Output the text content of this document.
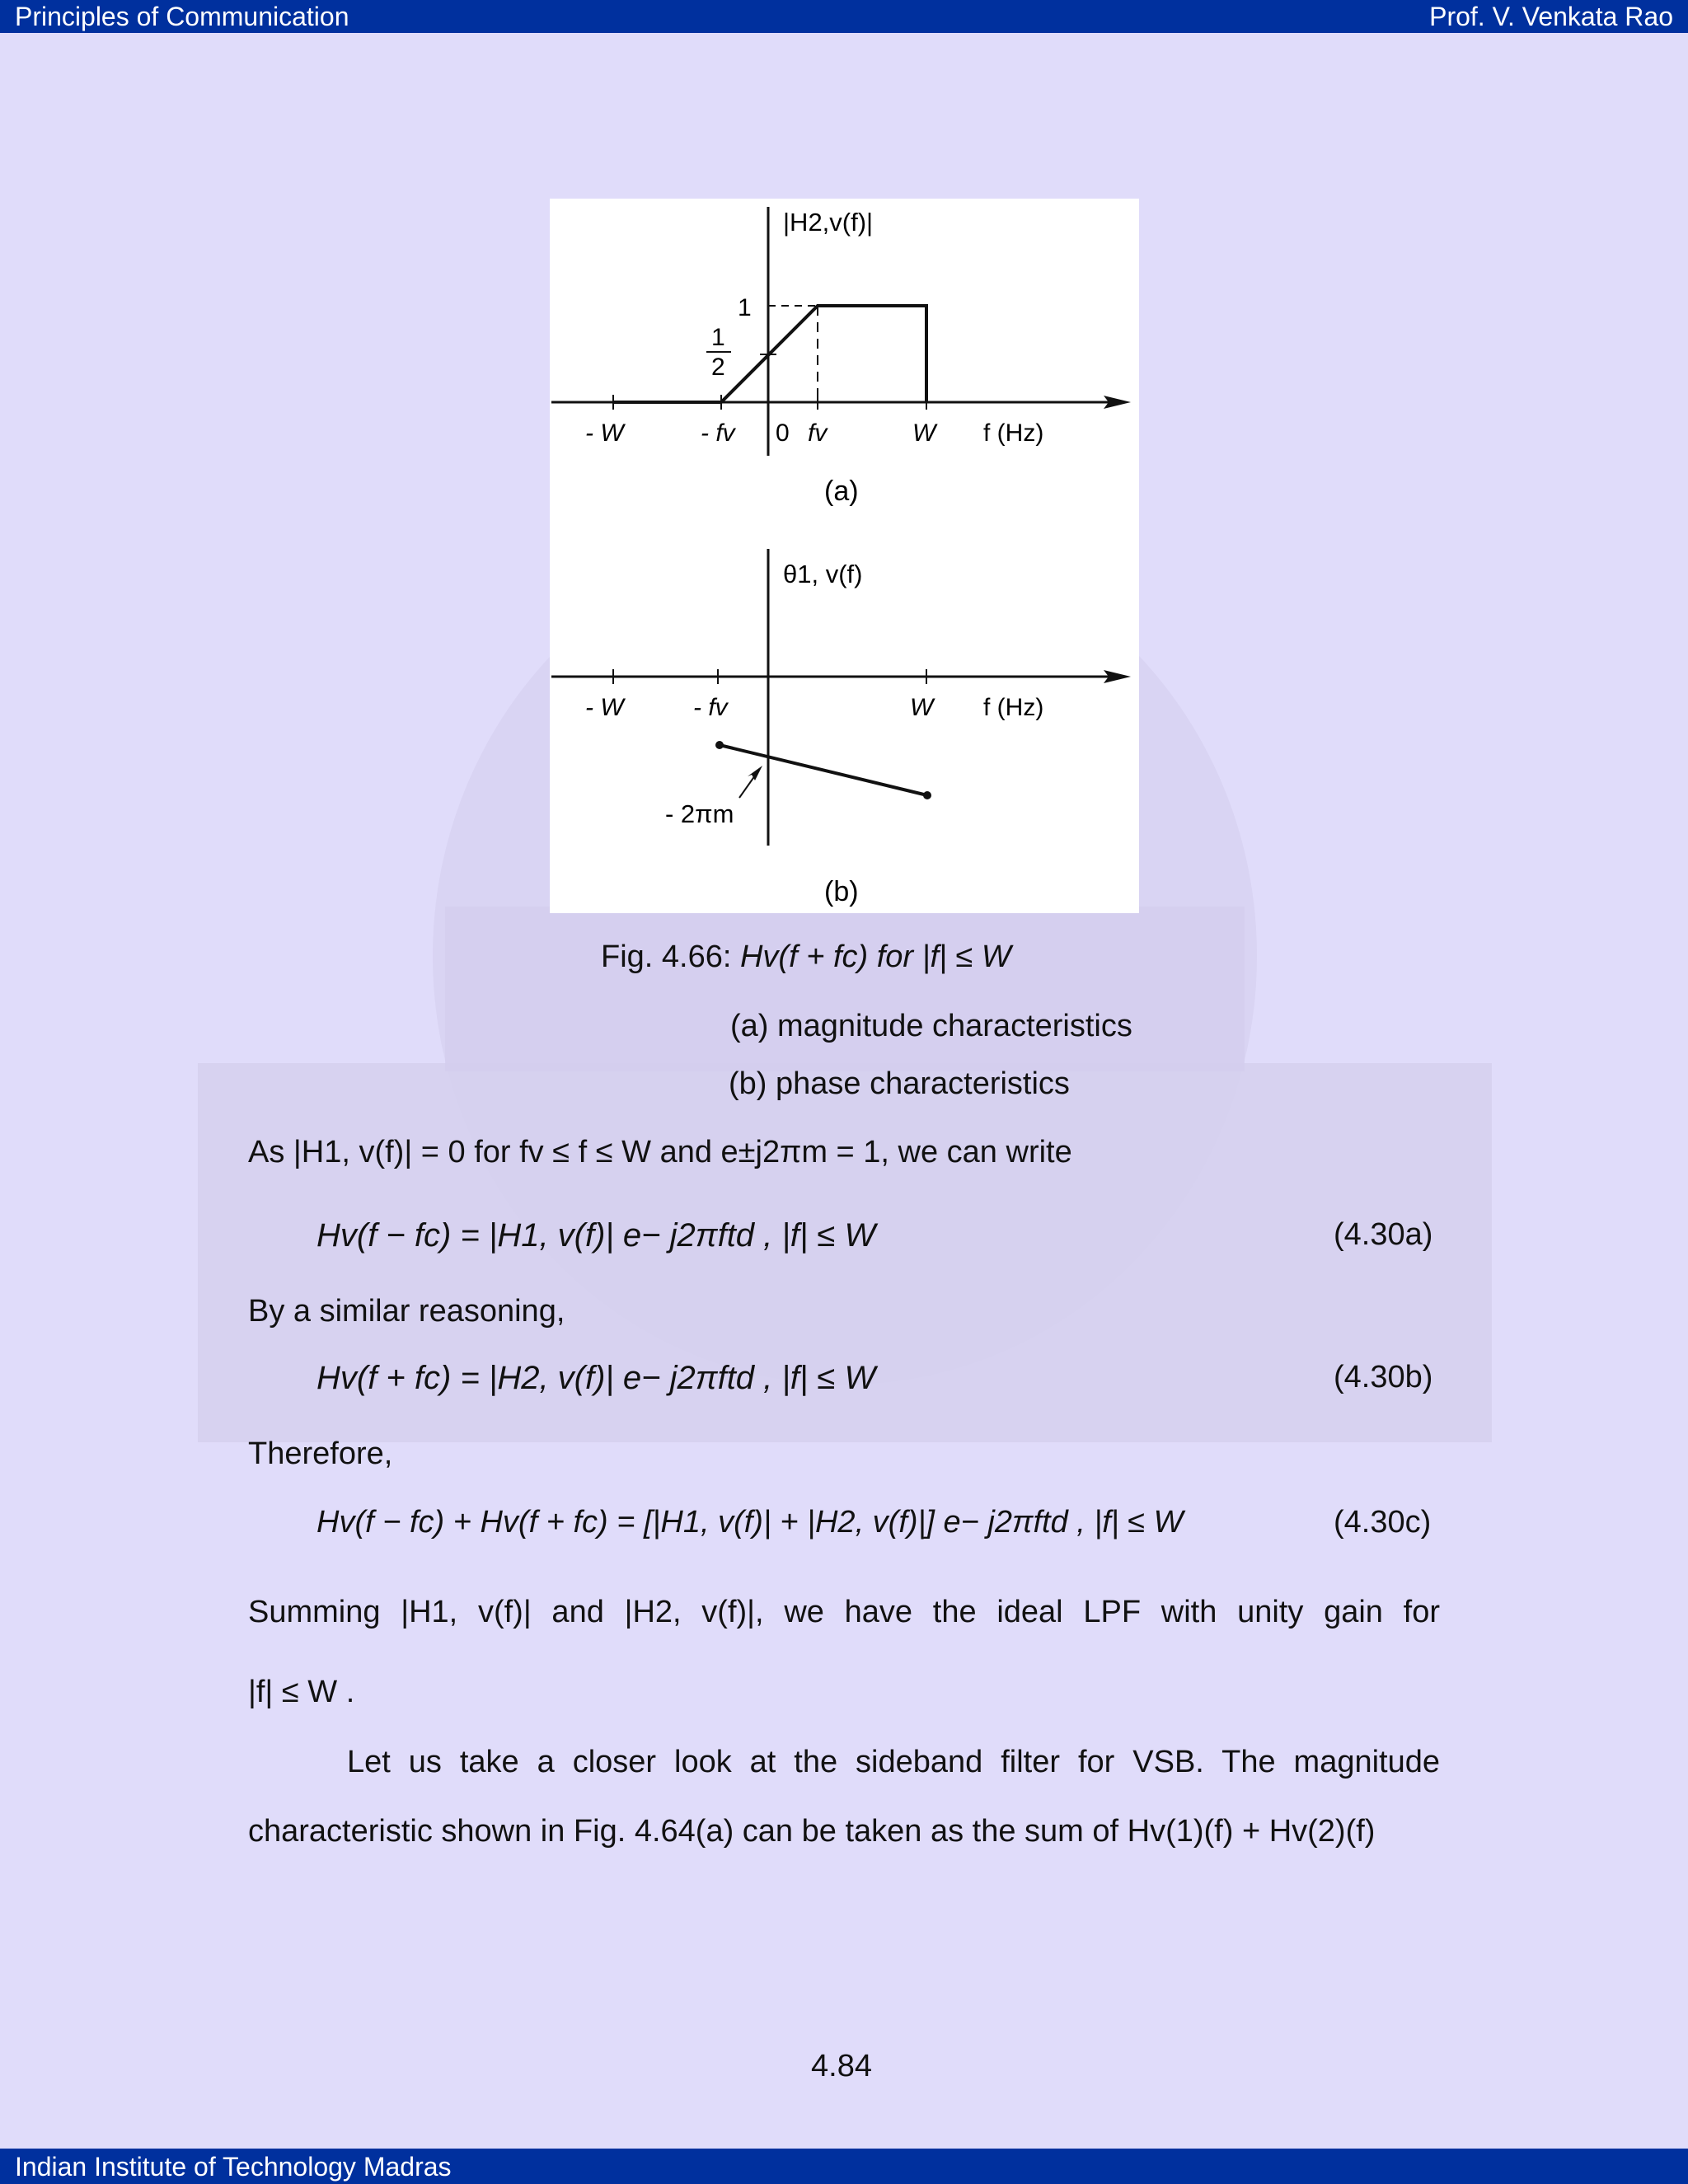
Principles of Communication	Prof. V. Venkata Rao
|H2,v(f)|
1
1
2
- W	- fv 0 fv	W f (Hz)
(a)
θ1, v(f)
- W	- fv	W f (Hz)
- 2πm
(b)
Fig. 4.66: Hv(f + fc) for |f| ≤ W
(a) magnitude characteristics
(b) phase characteristics
As |H1, v(f)| = 0 for fv ≤ f ≤ W and e±j2πm = 1, we can write
Hv(f − fc) = |H1, v(f)| e− j2πftd , |f| ≤ W	(4.30a)
By a similar reasoning,
Hv(f + fc) = |H2, v(f)| e− j2πftd , |f| ≤ W	(4.30b)
Therefore,
Hv(f − fc) + Hv(f + fc) = [|H1, v(f)| + |H2, v(f)|] e− j2πftd , |f| ≤ W	(4.30c)
Summing |H1, v(f)| and |H2, v(f)|, we have the ideal LPF with unity gain for
|f| ≤ W .
Let us take a closer look at the sideband filter for VSB. The magnitude
characteristic shown in Fig. 4.64(a) can be taken as the sum of Hv(1)(f) + Hv(2)(f)
4.84
Indian Institute of Technology Madras
